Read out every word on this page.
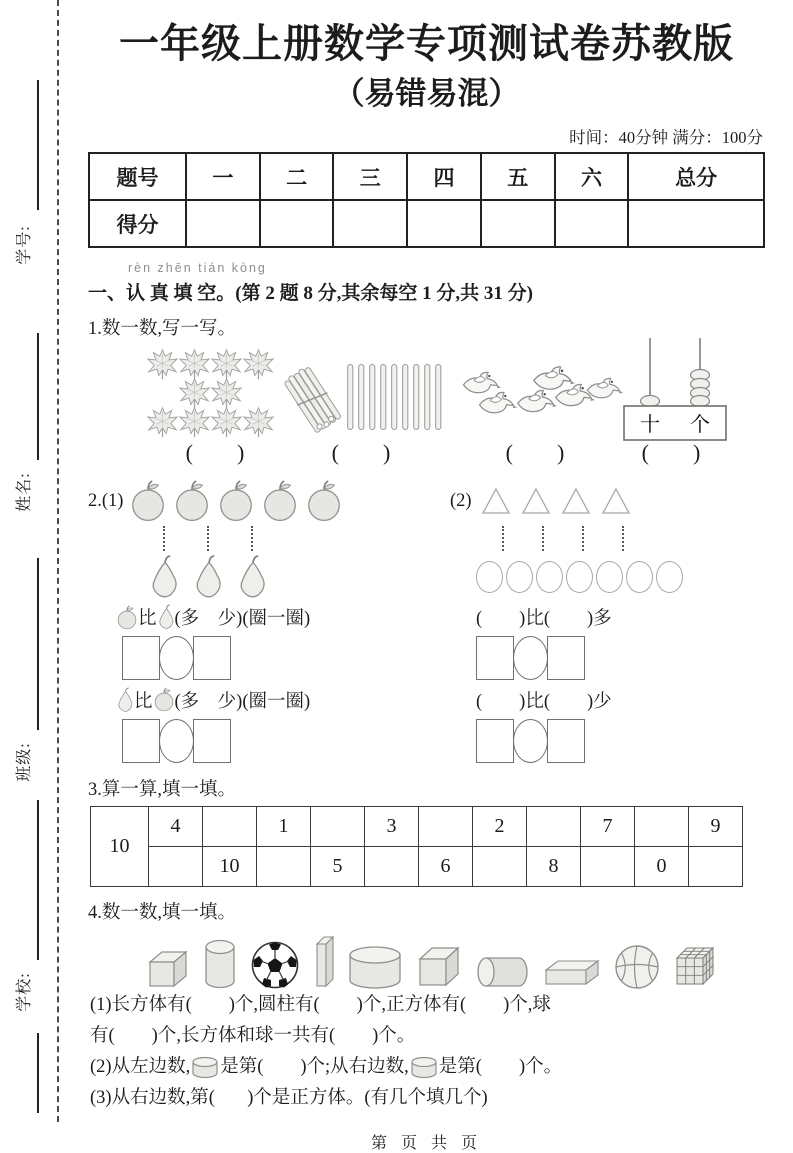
学号:
姓名:
班级:
学校:
一年级上册数学专项测试卷苏教版
（易错易混）
时间：40分钟 满分：100分
题号	一	二	三	四	五	六	总分
得分							
rèn zhēn tián kòng
一、认 真 填 空。(第 2 题 8 分,其余每空 1 分,共 31 分)
1.数一数,写一写。
十 个
(        )	(        )	(        )	(        )
2.(1)
比 (多　少)(圈一圈)
比 (多　少)(圈一圈)
(2)
(        )比(        )多
(        )比(        )少
3.算一算,填一填。
10	4		1		3		2		7		9
		10		5		6		8		0	
4.数一数,填一填。
(1)长方体有(        )个,圆柱有(        )个,正方体有(        )个,球
有(        )个,长方体和球一共有(        )个。
(2)从左边数, 是第(        )个;从右边数, 是第(        )个。
(3)从右边数,第(       )个是正方体。(有几个填几个)
第 页 共 页
